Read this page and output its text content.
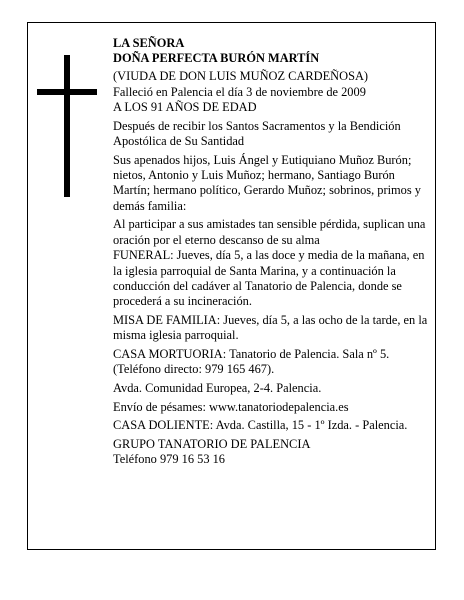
LA SEÑORA

DOÑA PERFECTA BURÓN MARTÍN

(VIUDA DE DON LUIS MUÑOZ CARDEÑOSA)

Falleció en Palencia el día 3 de noviembre de 2009

A LOS 91 AÑOS DE EDAD

Después de recibir los Santos Sacramentos y la Bendición Apostólica de Su Santidad

Sus apenados hijos, Luis Ángel y Eutiquiano Muñoz Burón; nietos, Antonio y Luis Muñoz; hermano, Santiago Burón Martín; hermano político, Gerardo Muñoz; sobrinos, primos y demás familia:

Al participar a sus amistades tan sensible pérdida, suplican una oración por el eterno descanso de su alma

FUNERAL: Jueves, día 5, a las doce y media de la mañana, en la iglesia parroquial de Santa Marina, y a continuación la conducción del cadáver al Tanatorio de Palencia, donde se procederá a su incineración.

MISA DE FAMILIA: Jueves, día 5, a las ocho de la tarde, en la misma iglesia parroquial.

CASA MORTUORIA: Tanatorio de Palencia. Sala nº 5. (Teléfono directo: 979 165 467).

Avda. Comunidad Europea, 2-4. Palencia.

Envío de pésames: www.tanatoriodepalencia.es

CASA DOLIENTE: Avda. Castilla, 15 - 1º Izda. - Palencia.

GRUPO TANATORIO DE PALENCIA

Teléfono 979 16 53 16
